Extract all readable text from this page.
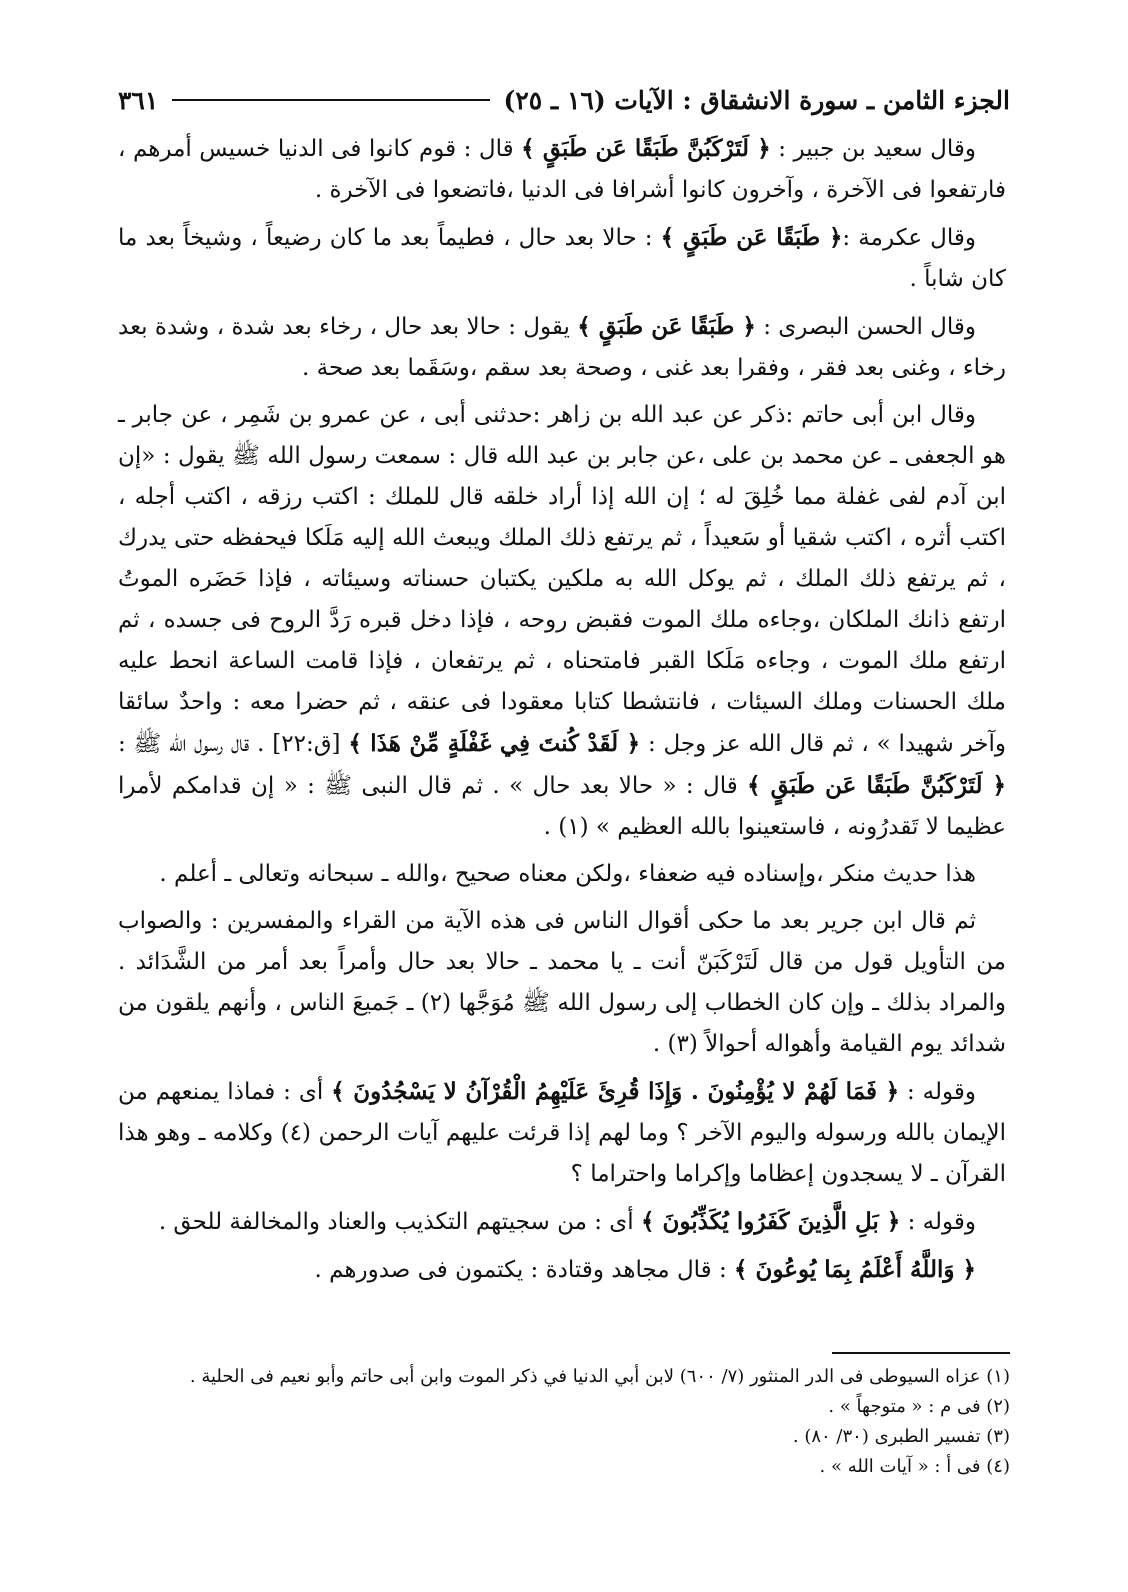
الجزء الثامن ـ سورة الانشقاق : الآيات (١٦ ـ ٢٥)
٣٦١

وقال سعيد بن جبير : ﴿ لَتَرْكَبُنَّ طَبَقًا عَن طَبَقٍ ﴾ قال : قوم كانوا فى الدنيا خسيس أمرهم ، فارتفعوا فى الآخرة ، وآخرون كانوا أشرافا فى الدنيا ،فاتضعوا فى الآخرة .

وقال عكرمة :﴿ طَبَقًا عَن طَبَقٍ ﴾ : حالا بعد حال ، فطيماً بعد ما كان رضيعاً ، وشيخاً بعد ما كان شاباً .

وقال الحسن البصرى : ﴿ طَبَقًا عَن طَبَقٍ ﴾ يقول : حالا بعد حال ، رخاء بعد شدة ، وشدة بعد رخاء ، وغنى بعد فقر ، وفقرا بعد غنى ، وصحة بعد سقم ،وسَقَما بعد صحة .

وقال ابن أبى حاتم :ذكر عن عبد الله بن زاهر :حدثنى أبى ، عن عمرو بن شَمِر ، عن جابر ـ هو الجعفى ـ عن محمد بن على ،عن جابر بن عبد الله قال : سمعت رسول الله ﷺ يقول : «إن ابن آدم لفى غفلة مما خُلِقَ له ؛ إن الله إذا أراد خلقه قال للملك : اكتب رزقه ، اكتب أجله ، اكتب أثره ، اكتب شقيا أو سَعيداً ، ثم يرتفع ذلك الملك ويبعث الله إليه مَلَكا فيحفظه حتى يدرك ، ثم يرتفع ذلك الملك ، ثم يوكل الله به ملكين يكتبان حسناته وسيئاته ، فإذا حَضَره الموتُ ارتفع ذانك الملكان ،وجاءه ملك الموت فقبض روحه ، فإذا دخل قبره رَدَّ الروح فى جسده ، ثم ارتفع ملك الموت ، وجاءه مَلَكا القبر فامتحناه ، ثم يرتفعان ، فإذا قامت الساعة انحط عليه ملك الحسنات وملك السيئات ، فانتشطا كتابا معقودا فى عنقه ، ثم حضرا معه : واحدٌ سائقا وآخر شهيدا » ، ثم قال الله عز وجل : ﴿ لَقَدْ كُنتَ فِي غَفْلَةٍ مِّنْ هَذَا ﴾ [ق:٢٢] . قال رسول الله ﷺ : ﴿ لَتَرْكَبُنَّ طَبَقًا عَن طَبَقٍ ﴾ قال : « حالا بعد حال » . ثم قال النبى ﷺ : « إن قدامكم لأمرا عظيما لا تَقدرُونه ، فاستعينوا بالله العظيم » (١) .

هذا حديث منكر ،وإسناده فيه ضعفاء ،ولكن معناه صحيح ،والله ـ سبحانه وتعالى ـ أعلم .

ثم قال ابن جرير بعد ما حكى أقوال الناس فى هذه الآية من القراء والمفسرين : والصواب من التأويل قول من قال لَتَرْكَبَنّ أنت ـ يا محمد ـ حالا بعد حال وأمراً بعد أمر من الشَّدَائد . والمراد بذلك ـ وإن كان الخطاب إلى رسول الله ﷺ مُوَجَّها (٢) ـ جَميعَ الناس ، وأنهم يلقون من شدائد يوم القيامة وأهواله أحوالاً (٣) .

وقوله : ﴿ فَمَا لَهُمْ لا يُؤْمِنُونَ . وَإِذَا قُرِئَ عَلَيْهِمُ الْقُرْآنُ لا يَسْجُدُونَ ﴾ أى : فماذا يمنعهم من الإيمان بالله ورسوله واليوم الآخر ؟ وما لهم إذا قرئت عليهم آيات الرحمن (٤) وكلامه ـ وهو هذا القرآن ـ لا يسجدون إعظاما وإكراما واحتراما ؟

وقوله : ﴿ بَلِ الَّذِينَ كَفَرُوا يُكَذِّبُونَ ﴾ أى : من سجيتهم التكذيب والعناد والمخالفة للحق .

﴿ وَاللَّهُ أَعْلَمُ بِمَا يُوعُونَ ﴾ : قال مجاهد وقتادة : يكتمون فى صدورهم .

(١) عزاه السيوطى فى الدر المنثور (٧/ ٦٠٠) لابن أبي الدنيا في ذكر الموت وابن أبى حاتم وأبو نعيم فى الحلية .

(٢) فى م : « متوجهاً » .

(٣) تفسير الطبرى (٣٠/ ٨٠) .

(٤) فى أ : « آيات الله » .
